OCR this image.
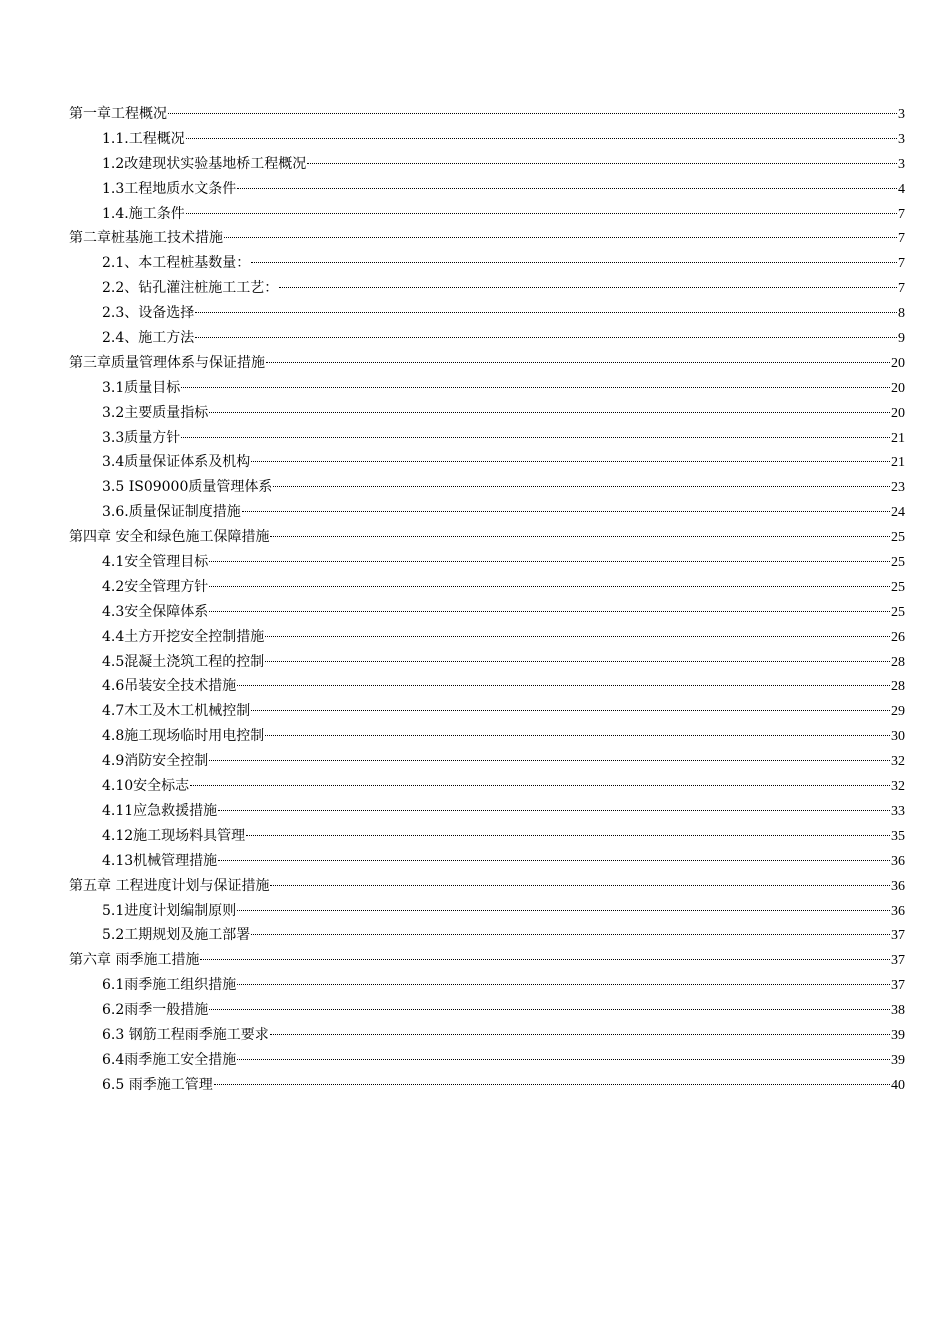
第一章工程概况	3
1.1.工程概况	3
1.2改建现状实验基地桥工程概况	3
1.3工程地质水文条件	4
1.4.施工条件	7
第二章桩基施工技术措施	7
2.1、本工程桩基数量：	7
2.2、钻孔灌注桩施工工艺：	7
2.3、设备选择	8
2.4、施工方法	9
第三章质量管理体系与保证措施	20
3.1质量目标	20
3.2主要质量指标	20
3.3质量方针	21
3.4质量保证体系及机构	21
3.5 IS09000质量管理体系	23
3.6.质量保证制度措施	24
第四章 安全和绿色施工保障措施	25
4.1安全管理目标	25
4.2安全管理方针	25
4.3安全保障体系	25
4.4土方开挖安全控制措施	26
4.5混凝土浇筑工程的控制	28
4.6吊装安全技术措施	28
4.7木工及木工机械控制	29
4.8施工现场临时用电控制	30
4.9消防安全控制	32
4.10安全标志	32
4.11应急救援措施	33
4.12施工现场料具管理	35
4.13机械管理措施	36
第五章 工程进度计划与保证措施	36
5.1进度计划编制原则	36
5.2工期规划及施工部署	37
第六章 雨季施工措施	37
6.1雨季施工组织措施	37
6.2雨季一般措施	38
6.3 钢筋工程雨季施工要求	39
6.4雨季施工安全措施	39
6.5 雨季施工管理	40
